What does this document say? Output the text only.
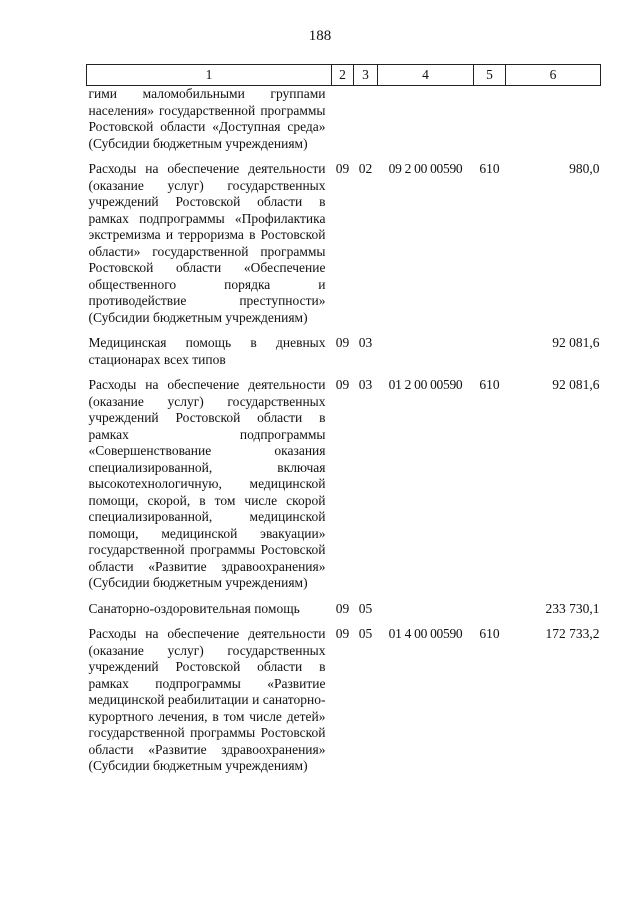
188
1	2	3	4	5	6
гими маломобильными группами населения» государственной программы Ростовской области «Доступная среда» (Субсидии бюджетным учреждениям)					
Расходы на обеспечение деятельности (оказание услуг) государственных учреждений Ростовской области в рамках подпрограммы «Профилактика экстремизма и терроризма в Ростовской области» государственной программы Ростовской области «Обеспечение общественного порядка и противодействие преступности» (Субсидии бюджетным учреждениям)	09	02	09 2 00 00590	610	980,0
Медицинская помощь в дневных стационарах всех типов	09	03			92 081,6
Расходы на обеспечение деятельности (оказание услуг) государственных учреждений Ростовской области в рамках подпрограммы «Совершенствование оказания специализированной, включая высокотехнологичную, медицинской помощи, скорой, в том числе скорой специализированной, медицинской помощи, медицинской эвакуации» государственной программы Ростовской области «Развитие здравоохранения» (Субсидии бюджетным учреждениям)	09	03	01 2 00 00590	610	92 081,6
Санаторно-оздоровительная помощь	09	05			233 730,1
Расходы на обеспечение деятельности (оказание услуг) государственных учреждений Ростовской области в рамках подпрограммы «Развитие медицинской реабилитации и санаторно-курортного лечения, в том числе детей» государственной программы Ростовской области «Развитие здравоохранения» (Субсидии бюджетным учреждениям)	09	05	01 4 00 00590	610	172 733,2
